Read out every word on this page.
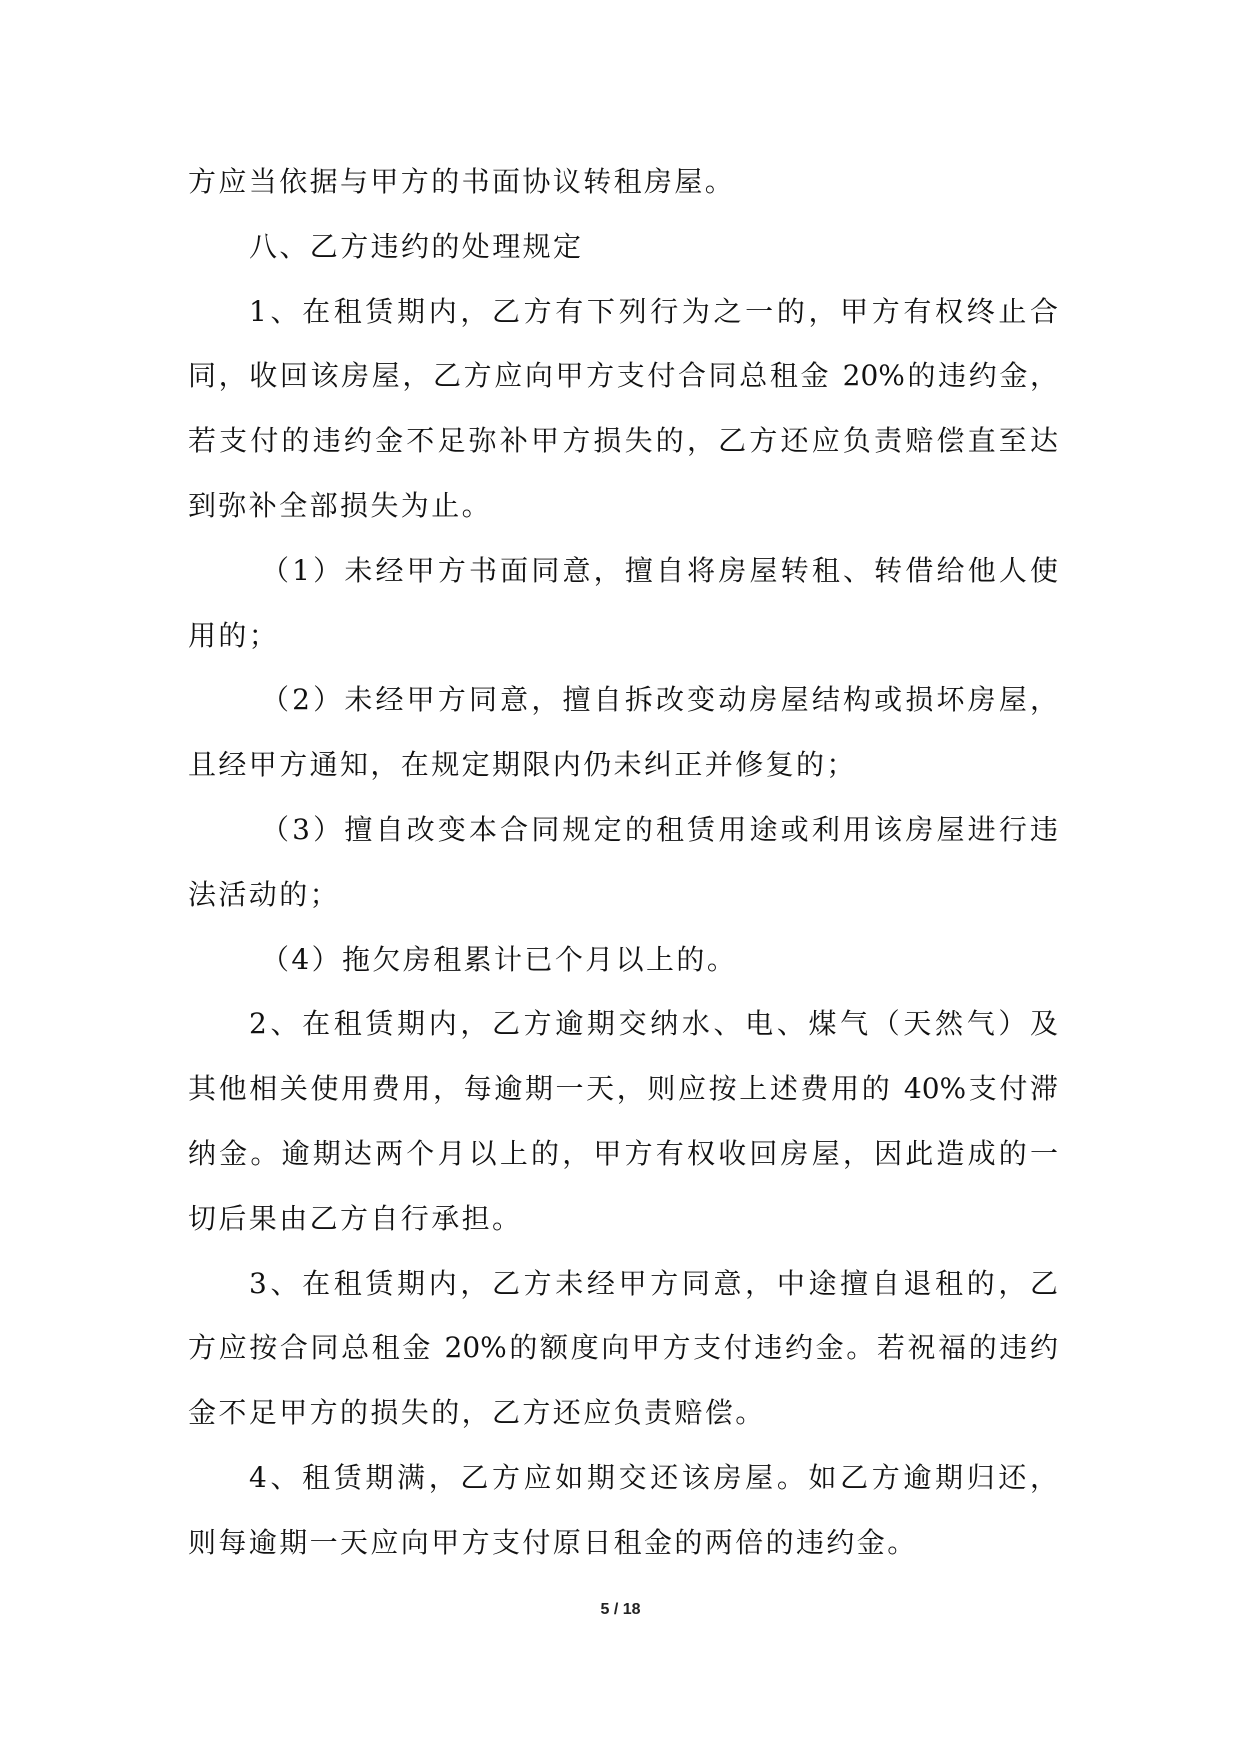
方应当依据与甲方的书面协议转租房屋。
八、乙方违约的处理规定
1、在租赁期内，乙方有下列行为之一的，甲方有权终止合
同，收回该房屋，乙方应向甲方支付合同总租金 20%的违约金，
若支付的违约金不足弥补甲方损失的，乙方还应负责赔偿直至达
到弥补全部损失为止。
（1）未经甲方书面同意，擅自将房屋转租、转借给他人使
用的；
（2）未经甲方同意，擅自拆改变动房屋结构或损坏房屋，
且经甲方通知，在规定期限内仍未纠正并修复的；
（3）擅自改变本合同规定的租赁用途或利用该房屋进行违
法活动的；
（4）拖欠房租累计已个月以上的。
2、在租赁期内，乙方逾期交纳水、电、煤气（天然气）及
其他相关使用费用，每逾期一天，则应按上述费用的 40%支付滞
纳金。逾期达两个月以上的，甲方有权收回房屋，因此造成的一
切后果由乙方自行承担。
3、在租赁期内，乙方未经甲方同意，中途擅自退租的，乙
方应按合同总租金 20%的额度向甲方支付违约金。若祝福的违约
金不足甲方的损失的，乙方还应负责赔偿。
4、租赁期满，乙方应如期交还该房屋。如乙方逾期归还，
则每逾期一天应向甲方支付原日租金的两倍的违约金。
5 / 18
